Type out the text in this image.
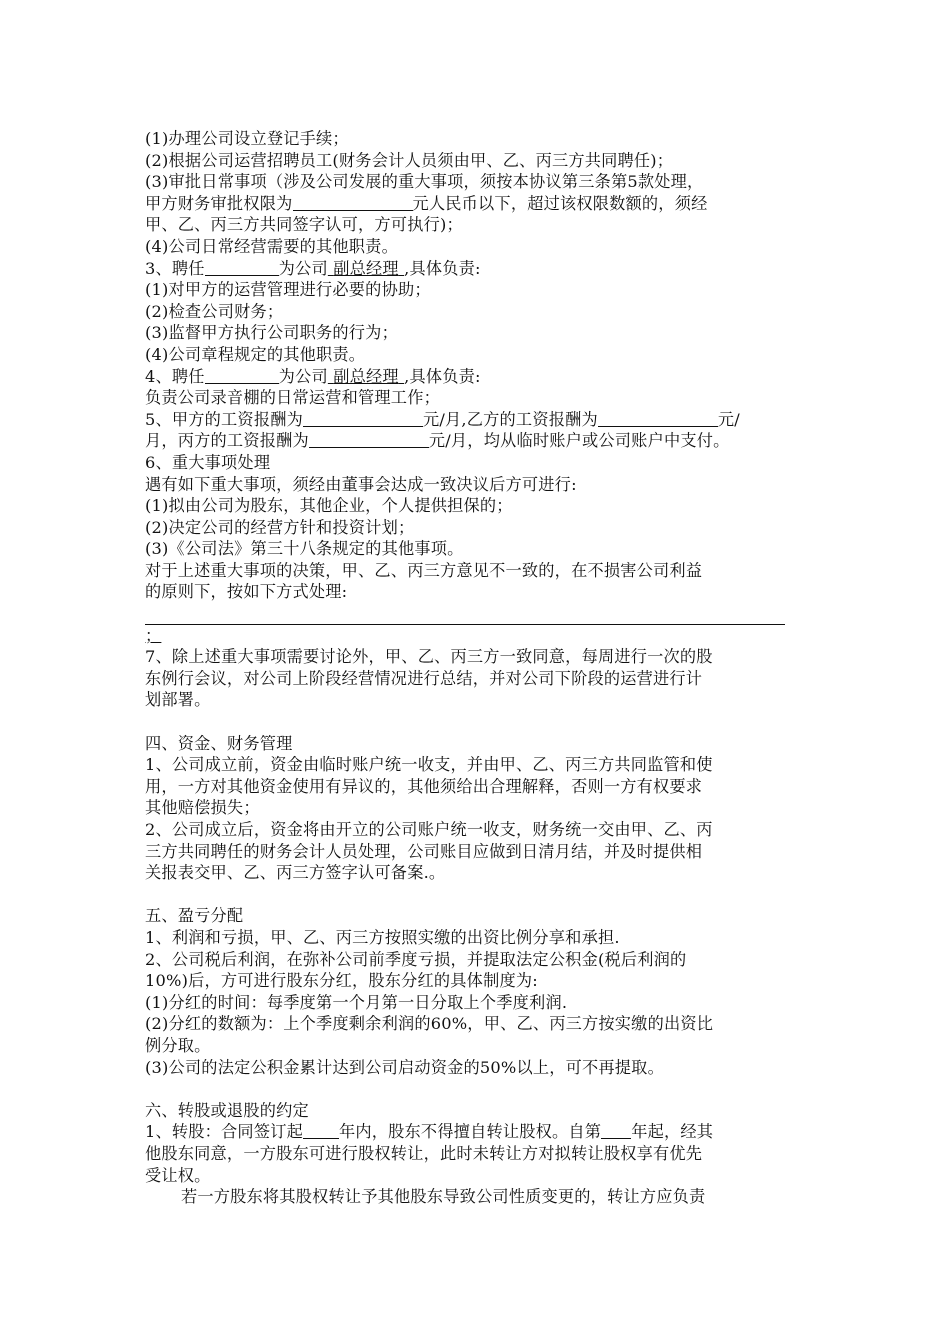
(1)办理公司设立登记手续；
(2)根据公司运营招聘员工(财务会计人员须由甲、乙、丙三方共同聘任)；
(3)审批日常事项（涉及公司发展的重大事项，须按本协议第三条第5款处理，
甲方财务审批权限为	元人民币以下，超过该权限数额的，须经
甲、乙、丙三方共同签字认可，方可执行)；
(4)公司日常经营需要的其他职责。
3、聘任	为公司 副总经理 ,具体负责:
(1)对甲方的运营管理进行必要的协助；
(2)检查公司财务；
(3)监督甲方执行公司职务的行为；
(4)公司章程规定的其他职责。
4、聘任	为公司 副总经理 ,具体负责:
负责公司录音棚的日常运营和管理工作；
5、甲方的工资报酬为	元/月,乙方的工资报酬为	元/
月，丙方的工资报酬为	元/月，均从临时账户或公司账户中支付。
6、重大事项处理
遇有如下重大事项，须经由董事会达成一致决议后方可进行:
(1)拟由公司为股东，其他企业，个人提供担保的；
(2)决定公司的经营方针和投资计划；
(3)《公司法》第三十八条规定的其他事项。
对于上述重大事项的决策，甲、乙、丙三方意见不一致的，在不损害公司利益
的原则下，按如下方式处理:
；
7、除上述重大事项需要讨论外，甲、乙、丙三方一致同意，每周进行一次的股
东例行会议，对公司上阶段经营情况进行总结，并对公司下阶段的运营进行计
划部署。
四、资金、财务管理
1、公司成立前，资金由临时账户统一收支，并由甲、乙、丙三方共同监管和使
用，一方对其他资金使用有异议的，其他须给出合理解释，否则一方有权要求
其他赔偿损失；
2、公司成立后，资金将由开立的公司账户统一收支，财务统一交由甲、乙、丙
三方共同聘任的财务会计人员处理，公司账目应做到日清月结，并及时提供相
关报表交甲、乙、丙三方签字认可备案.。
五、盈亏分配
1、利润和亏损，甲、乙、丙三方按照实缴的出资比例分享和承担.
2、公司税后利润，在弥补公司前季度亏损，并提取法定公积金(税后利润的
10%)后，方可进行股东分红，股东分红的具体制度为:
(1)分红的时间：每季度第一个月第一日分取上个季度利润.
(2)分红的数额为：上个季度剩余利润的60%，甲、乙、丙三方按实缴的出资比
例分取。
(3)公司的法定公积金累计达到公司启动资金的50%以上，可不再提取。
六、转股或退股的约定
1、转股：合同签订起 年内，股东不得擅自转让股权。自第 年起，经其
他股东同意，一方股东可进行股权转让，此时未转让方对拟转让股权享有优先
受让权。
若一方股东将其股权转让予其他股东导致公司性质变更的，转让方应负责
